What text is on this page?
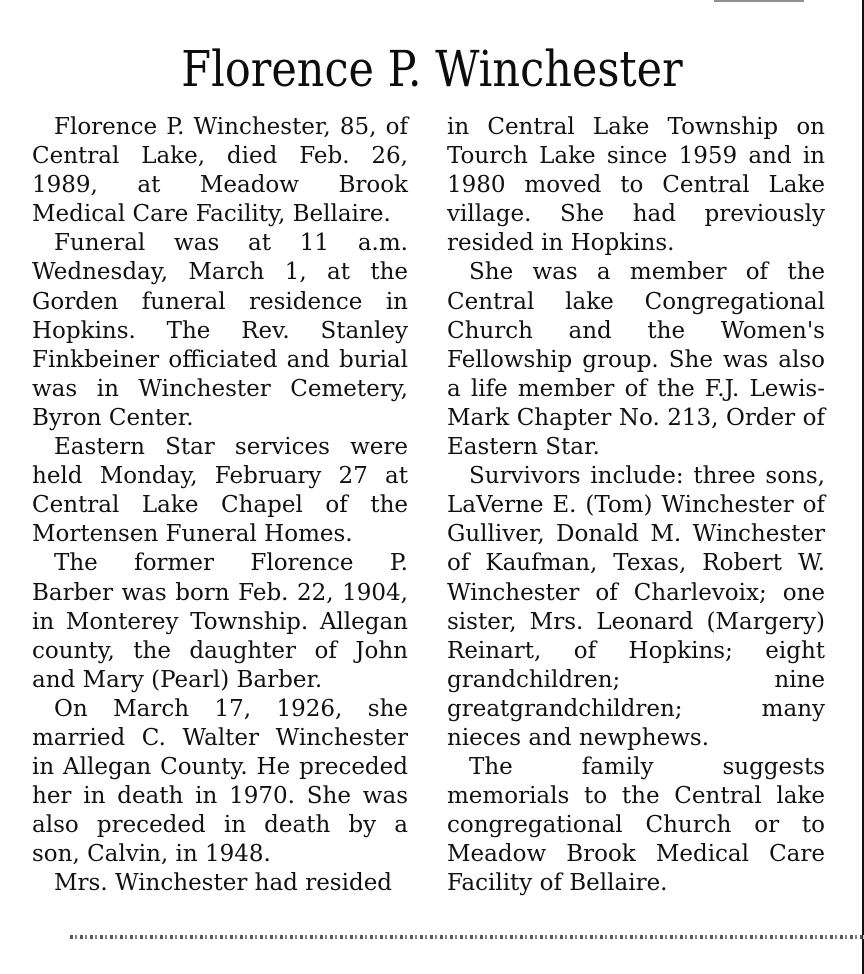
Florence P. Winchester

Florence P. Winchester, 85, of Central Lake, died Feb. 26, 1989, at Meadow Brook Medical Care Facility, Bellaire.

Funeral was at 11 a.m. Wednesday, March 1, at the Gorden funeral residence in Hopkins. The Rev. Stanley Finkbeiner officiated and burial was in Winchester Cemetery, Byron Center.

Eastern Star services were held Monday, February 27 at Central Lake Chapel of the Mortensen Funeral Homes.

The former Florence P. Barber was born Feb. 22, 1904, in Monterey Township. Allegan county, the daughter of John and Mary (Pearl) Barber.

On March 17, 1926, she married C. Walter Winchester in Allegan County. He preceded her in death in 1970. She was also preceded in death by a son, Calvin, in 1948.

Mrs. Winchester had resided

in Central Lake Township on Tourch Lake since 1959 and in 1980 moved to Central Lake village. She had previously resided in Hopkins.

She was a member of the Central lake Congregational Church and the Women's Fellowship group. She was also a life member of the F.J. Lewis-Mark Chapter No. 213, Order of Eastern Star.

Survivors include: three sons, LaVerne E. (Tom) Winchester of Gulliver, Donald M. Winchester of Kaufman, Texas, Robert W. Winchester of Charlevoix; one sister, Mrs. Leonard (Margery) Reinart, of Hopkins; eight grandchildren; nine greatgrandchildren; many nieces and newphews.

The family suggests memorials to the Central lake congregational Church or to Meadow Brook Medical Care Facility of Bellaire.
